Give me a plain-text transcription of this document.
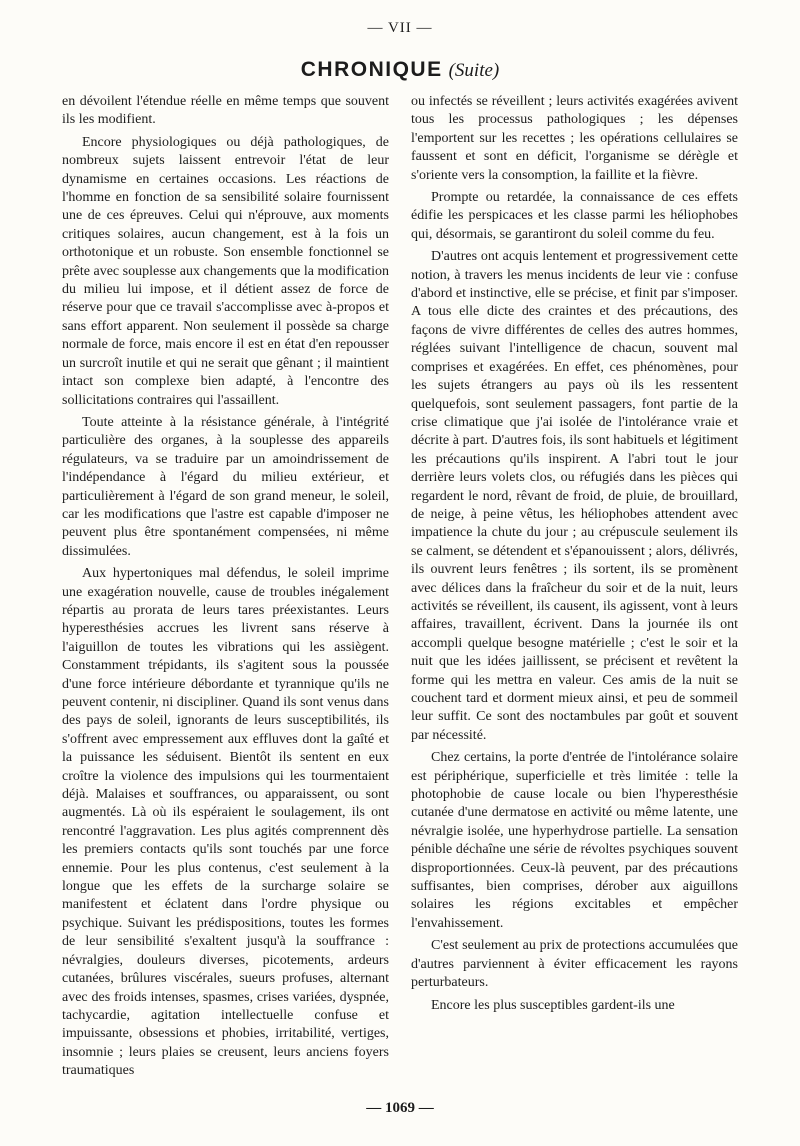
— VII —
CHRONIQUE (Suite)

en dévoilent l'étendue réelle en même temps que souvent ils les modifient.

Encore physiologiques ou déjà pathologiques, de nombreux sujets laissent entrevoir l'état de leur dynamisme en certaines occasions. Les réactions de l'homme en fonction de sa sensibilité solaire fournissent une de ces épreuves. Celui qui n'éprouve, aux moments critiques solaires, aucun changement, est à la fois un orthotonique et un robuste. Son ensemble fonctionnel se prête avec souplesse aux changements que la modification du milieu lui impose, et il détient assez de force de réserve pour que ce travail s'accomplisse avec à-propos et sans effort apparent. Non seulement il possède sa charge normale de force, mais encore il est en état d'en repousser un surcroît inutile et qui ne serait que gênant ; il maintient intact son complexe bien adapté, à l'encontre des sollicitations contraires qui l'assaillent.

Toute atteinte à la résistance générale, à l'intégrité particulière des organes, à la souplesse des appareils régulateurs, va se traduire par un amoindrissement de l'indépendance à l'égard du milieu extérieur, et particulièrement à l'égard de son grand meneur, le soleil, car les modifications que l'astre est capable d'imposer ne peuvent plus être spontanément compensées, ni même dissimulées.

Aux hypertoniques mal défendus, le soleil imprime une exagération nouvelle, cause de troubles inégalement répartis au prorata de leurs tares préexistantes. Leurs hyperesthésies accrues les livrent sans réserve à l'aiguillon de toutes les vibrations qui les assiègent. Constamment trépidants, ils s'agitent sous la poussée d'une force intérieure débordante et tyrannique qu'ils ne peuvent contenir, ni discipliner. Quand ils sont venus dans des pays de soleil, ignorants de leurs susceptibilités, ils s'offrent avec empressement aux effluves dont la gaîté et la puissance les séduisent. Bientôt ils sentent en eux croître la violence des impulsions qui les tourmentaient déjà. Malaises et souffrances, ou apparaissent, ou sont augmentés. Là où ils espéraient le soulagement, ils ont rencontré l'aggravation. Les plus agités comprennent dès les premiers contacts qu'ils sont touchés par une force ennemie. Pour les plus contenus, c'est seulement à la longue que les effets de la surcharge solaire se manifestent et éclatent dans l'ordre physique ou psychique. Suivant les prédispositions, toutes les formes de leur sensibilité s'exaltent jusqu'à la souffrance : névralgies, douleurs diverses, picotements, ardeurs cutanées, brûlures viscérales, sueurs profuses, alternant avec des froids intenses, spasmes, crises variées, dyspnée, tachycardie, agitation intellectuelle confuse et impuissante, obsessions et phobies, irritabilité, vertiges, insomnie ; leurs plaies se creusent, leurs anciens foyers traumatiques

ou infectés se réveillent ; leurs activités exagérées avivent tous les processus pathologiques ; les dépenses l'emportent sur les recettes ; les opérations cellulaires se faussent et sont en déficit, l'organisme se dérègle et s'oriente vers la consomption, la faillite et la fièvre.

Prompte ou retardée, la connaissance de ces effets édifie les perspicaces et les classe parmi les héliophobes qui, désormais, se garantiront du soleil comme du feu.

D'autres ont acquis lentement et progressivement cette notion, à travers les menus incidents de leur vie : confuse d'abord et instinctive, elle se précise, et finit par s'imposer. A tous elle dicte des craintes et des précautions, des façons de vivre différentes de celles des autres hommes, réglées suivant l'intelligence de chacun, souvent mal comprises et exagérées. En effet, ces phénomènes, pour les sujets étrangers au pays où ils les ressentent quelquefois, sont seulement passagers, font partie de la crise climatique que j'ai isolée de l'intolérance vraie et décrite à part. D'autres fois, ils sont habituels et légitiment les précautions qu'ils inspirent. A l'abri tout le jour derrière leurs volets clos, ou réfugiés dans les pièces qui regardent le nord, rêvant de froid, de pluie, de brouillard, de neige, à peine vêtus, les héliophobes attendent avec impatience la chute du jour ; au crépuscule seulement ils se calment, se détendent et s'épanouissent ; alors, délivrés, ils ouvrent leurs fenêtres ; ils sortent, ils se promènent avec délices dans la fraîcheur du soir et de la nuit, leurs activités se réveillent, ils causent, ils agissent, vont à leurs affaires, travaillent, écrivent. Dans la journée ils ont accompli quelque besogne matérielle ; c'est le soir et la nuit que les idées jaillissent, se précisent et revêtent la forme qui les mettra en valeur. Ces amis de la nuit se couchent tard et dorment mieux ainsi, et peu de sommeil leur suffit. Ce sont des noctambules par goût et souvent par nécessité.

Chez certains, la porte d'entrée de l'intolérance solaire est périphérique, superficielle et très limitée : telle la photophobie de cause locale ou bien l'hyperesthésie cutanée d'une dermatose en activité ou même latente, une névralgie isolée, une hyperhydrose partielle. La sensation pénible déchaîne une série de révoltes psychiques souvent disproportionnées. Ceux-là peuvent, par des précautions suffisantes, bien comprises, dérober aux aiguillons solaires les régions excitables et empêcher l'envahissement.

C'est seulement au prix de protections accumulées que d'autres parviennent à éviter efficacement les rayons perturbateurs.

Encore les plus susceptibles gardent-ils une

— 1069 —
